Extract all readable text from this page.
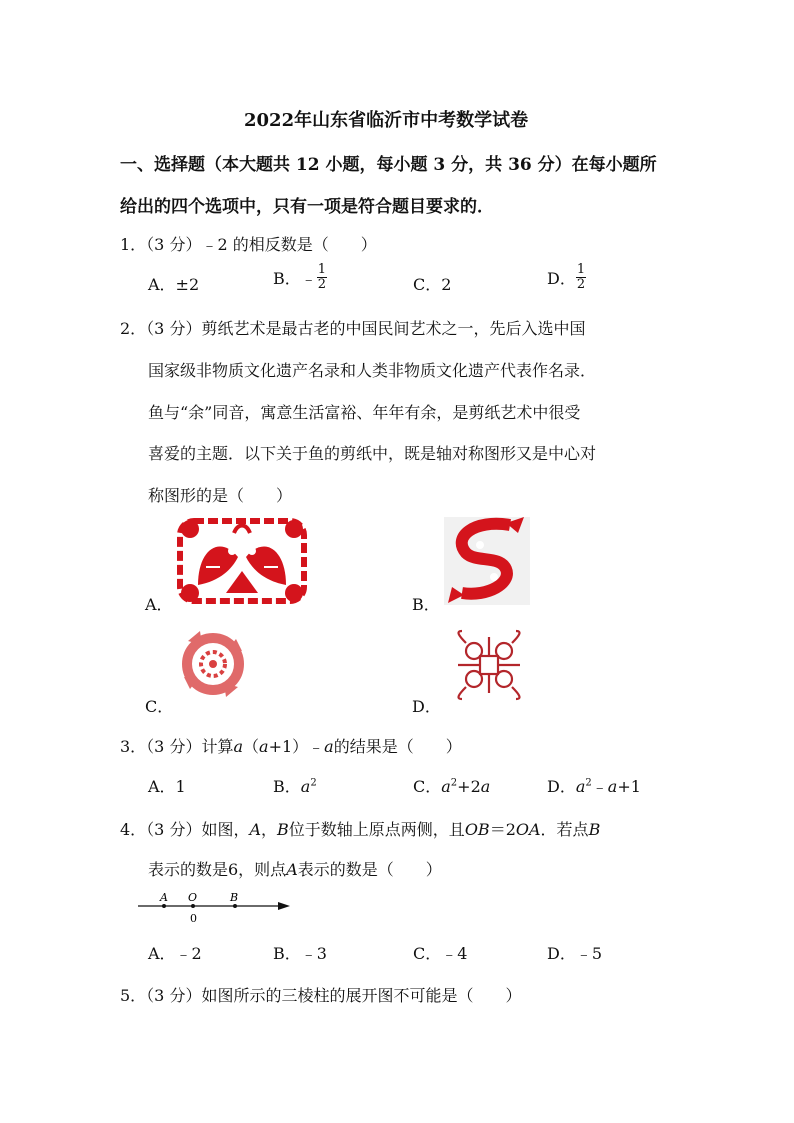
2022年山东省临沂市中考数学试卷
一、选择题（本大题共 12 小题，每小题 3 分，共 36 分）在每小题所
给出的四个选项中，只有一项是符合题目要求的．
1．（3 分）﹣2 的相反数是（　　）
A．±2	B．﹣ $\frac{1}{2}$	C．2	D． $\frac{1}{2}$
2．（3 分）剪纸艺术是最古老的中国民间艺术之一，先后入选中国
国家级非物质文化遗产名录和人类非物质文化遗产代表作名录．
鱼与“余”同音，寓意生活富裕、年年有余，是剪纸艺术中很受
喜爱的主题．以下关于鱼的剪纸中，既是轴对称图形又是中心对
称图形的是（　　）
A．	B．
C．	D．
3．（3 分）计算a（a+1）﹣a的结果是（　　）
A．1	B．$a^2$	C．$a^2+2a$	D．$a^2﹣a+1$
4．（3 分）如图，A，B位于数轴上原点两侧，且OB＝2OA．若点B
表示的数是6，则点A表示的数是（　　）
A O	B
0
A．﹣2	B．﹣3	C．﹣4	D．﹣5
5．（3 分）如图所示的三棱柱的展开图不可能是（　　）
